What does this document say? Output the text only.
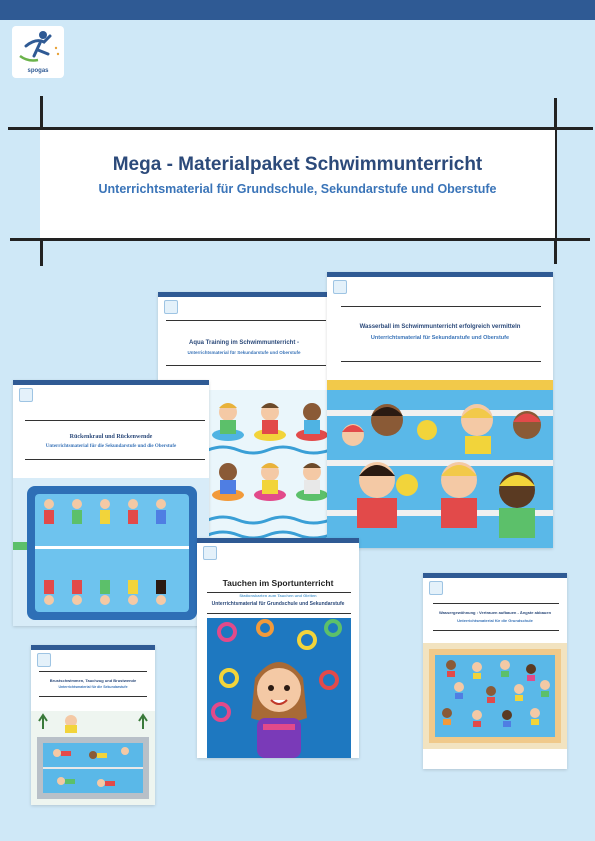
spogas
Mega - Materialpaket Schwimmunterricht
Unterrichtsmaterial für Grundschule, Sekundarstufe und Oberstufe
Aqua Training im Schwimmunterricht -
Unterrichtsmaterial für Sekundarstufe und Oberstufe
Wasserball im Schwimmunterricht erfolgreich vermitteln
Unterrichtsmaterial für Sekundarstufe und Oberstufe
Rückenkraul und Rückenwende
Unterrichtsmaterial für die Sekundarstufe und die Oberstufe
Tauchen im Sportunterricht
Stationskarten zum Tauchen und Gleiten
Unterrichtsmaterial für Grundschule und Sekundarstufe
Wassergewöhnung : Vertrauen aufbauen - Ängste abbauen
Unterrichtsmaterial für die Grundschule
Brustschwimmen, Tauchzug und Brustwende
Unterrichtsmaterial für die Sekundarstufe
